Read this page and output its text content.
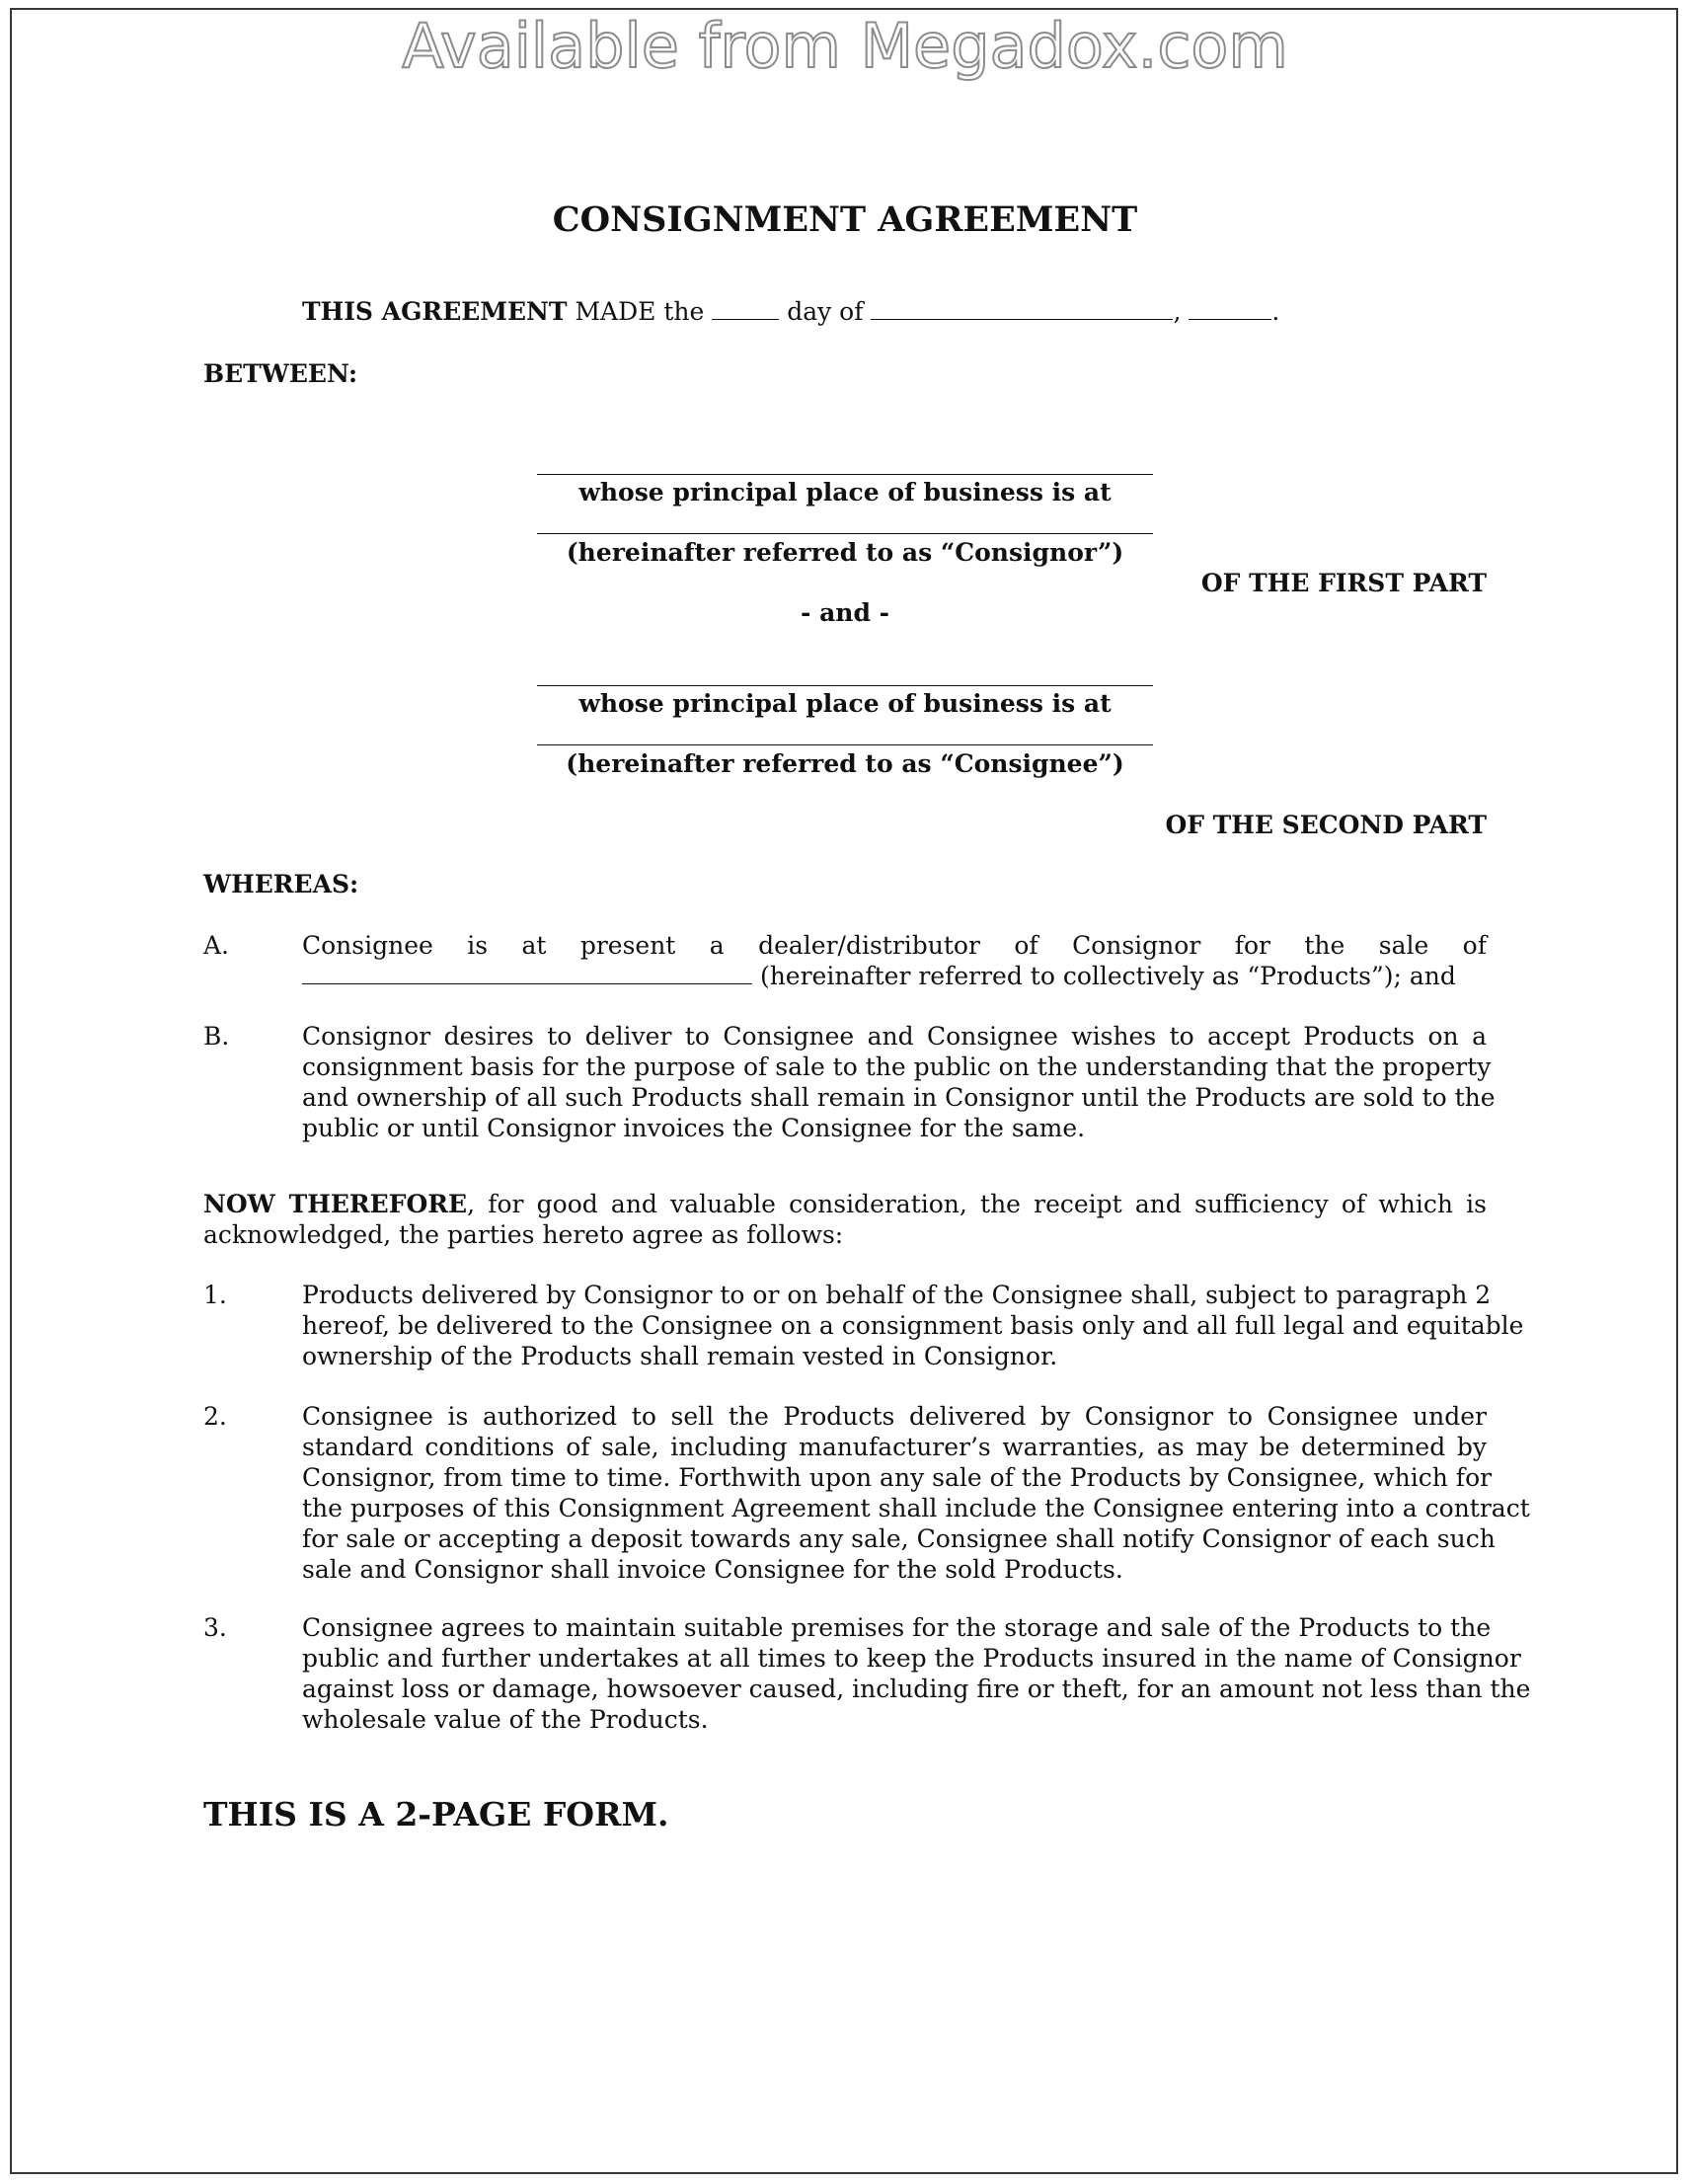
Available from Megadox.com
CONSIGNMENT AGREEMENT
THIS AGREEMENT MADE the	day of	,	.
BETWEEN:
whose principal place of business is at
(hereinafter referred to as “Consignor”)
OF THE FIRST PART
- and -
whose principal place of business is at
(hereinafter referred to as “Consignee”)
OF THE SECOND PART
WHEREAS:
A.	Consignee is at present a dealer/distributor of Consignor for the sale of
(hereinafter referred to collectively as “Products”); and
B.	Consignor desires to deliver to Consignee and Consignee wishes to accept Products on a
consignment basis for the purpose of sale to the public on the understanding that the property
and ownership of all such Products shall remain in Consignor until the Products are sold to the
public or until Consignor invoices the Consignee for the same.
NOW THEREFORE, for good and valuable consideration, the receipt and sufficiency of which is
acknowledged, the parties hereto agree as follows:
1.	Products delivered by Consignor to or on behalf of the Consignee shall, subject to paragraph 2
hereof, be delivered to the Consignee on a consignment basis only and all full legal and equitable
ownership of the Products shall remain vested in Consignor.
2.	Consignee is authorized to sell the Products delivered by Consignor to Consignee under
standard conditions of sale, including manufacturer’s warranties, as may be determined by
Consignor, from time to time. Forthwith upon any sale of the Products by Consignee, which for
the purposes of this Consignment Agreement shall include the Consignee entering into a contract
for sale or accepting a deposit towards any sale, Consignee shall notify Consignor of each such
sale and Consignor shall invoice Consignee for the sold Products.
3.	Consignee agrees to maintain suitable premises for the storage and sale of the Products to the
public and further undertakes at all times to keep the Products insured in the name of Consignor
against loss or damage, howsoever caused, including fire or theft, for an amount not less than the
wholesale value of the Products.
THIS IS A 2-PAGE FORM.
